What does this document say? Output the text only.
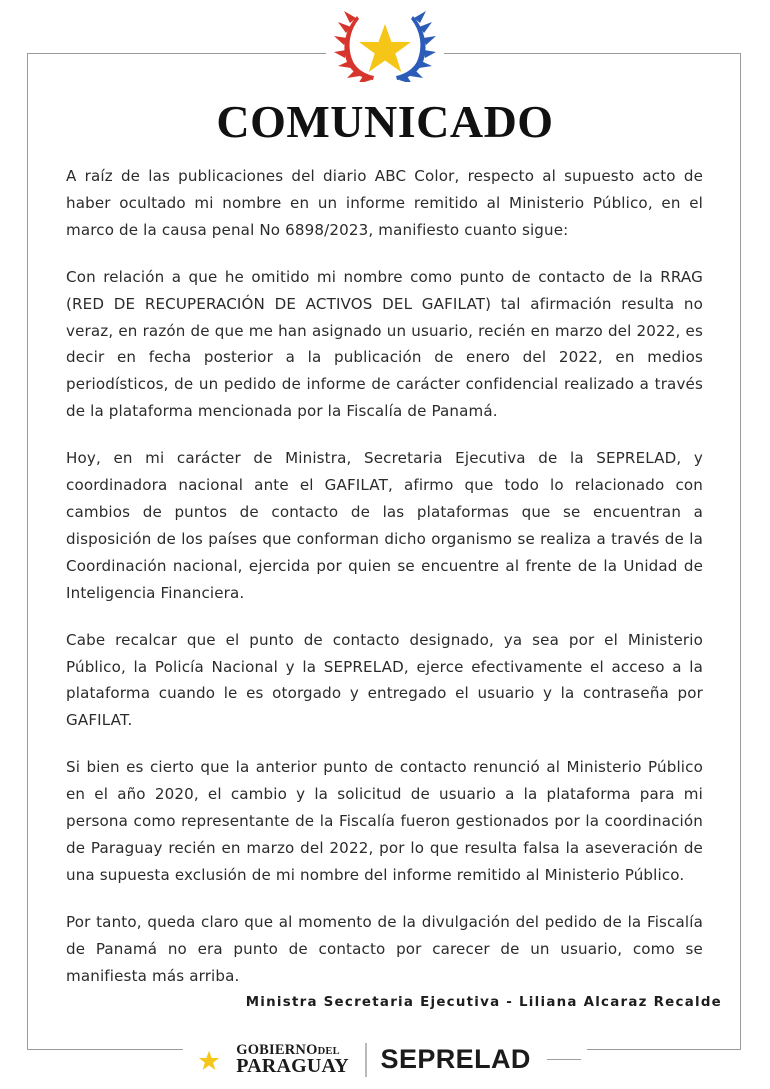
COMUNICADO

A raíz de las publicaciones del diario ABC Color, respecto al supuesto acto de haber ocultado mi nombre en un informe remitido al Ministerio Público, en el marco de la causa penal No 6898/2023, manifiesto cuanto sigue:

Con relación a que he omitido mi nombre como punto de contacto de la RRAG (RED DE RECUPERACIÓN DE ACTIVOS DEL GAFILAT) tal afirmación resulta no veraz, en razón de que me han asignado un usuario, recién en marzo del 2022, es decir en fecha posterior a la publicación de enero del 2022, en medios periodísticos, de un pedido de informe de carácter confidencial realizado a través de la plataforma mencionada por la Fiscalía de Panamá.

Hoy, en mi carácter de Ministra, Secretaria Ejecutiva de la SEPRELAD, y coordinadora nacional ante el GAFILAT, afirmo que todo lo relacionado con cambios de puntos de contacto de las plataformas que se encuentran a disposición de los países que conforman dicho organismo se realiza a través de la Coordinación nacional, ejercida por quien se encuentre al frente de la Unidad de Inteligencia Financiera.

Cabe recalcar que el punto de contacto designado, ya sea por el Ministerio Público, la Policía Nacional y la SEPRELAD, ejerce efectivamente el acceso a la plataforma cuando le es otorgado y entregado el usuario y la contraseña por GAFILAT.

Si bien es cierto que la anterior punto de contacto renunció al Ministerio Público en el año 2020, el cambio y la solicitud de usuario a la plataforma para mi persona como representante de la Fiscalía fueron gestionados por la coordinación de Paraguay recién en marzo del 2022, por lo que resulta falsa la aseveración de una supuesta exclusión de mi nombre del informe remitido al Ministerio Público.

Por tanto, queda claro que al momento de la divulgación del pedido de la Fiscalía de Panamá no era punto de contacto por carecer de un usuario, como se manifiesta más arriba.

Ministra Secretaria Ejecutiva - Liliana Alcaraz Recalde
GOBIERNODEL
PARAGUAY SEPRELAD
